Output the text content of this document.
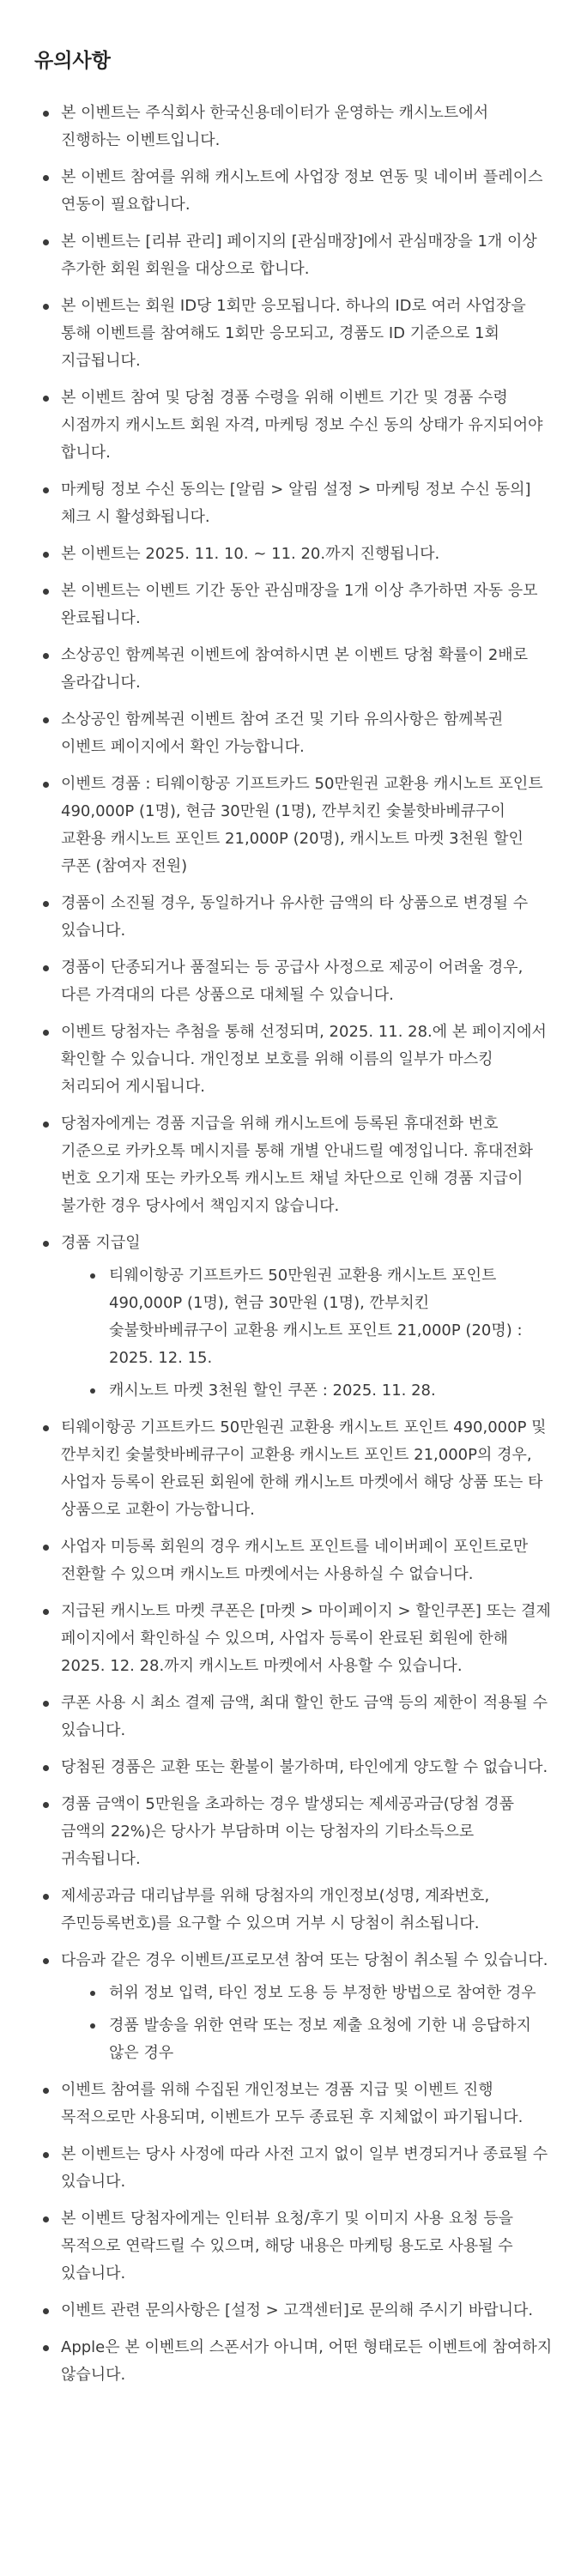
유의사항
본 이벤트는 주식회사 한국신용데이터가 운영하는 캐시노트에서 진행하는 이벤트입니다.
본 이벤트 참여를 위해 캐시노트에 사업장 정보 연동 및 네이버 플레이스 연동이 필요합니다.
본 이벤트는 [리뷰 관리] 페이지의 [관심매장]에서 관심매장을 1개 이상 추가한 회원 회원을 대상으로 합니다.
본 이벤트는 회원 ID당 1회만 응모됩니다. 하나의 ID로 여러 사업장을 통해 이벤트를 참여해도 1회만 응모되고, 경품도 ID 기준으로 1회 지급됩니다.
본 이벤트 참여 및 당첨 경품 수령을 위해 이벤트 기간 및 경품 수령 시점까지 캐시노트 회원 자격, 마케팅 정보 수신 동의 상태가 유지되어야 합니다.
마케팅 정보 수신 동의는 [알림 > 알림 설정 > 마케팅 정보 수신 동의] 체크 시 활성화됩니다.
본 이벤트는 2025. 11. 10. ~ 11. 20.까지 진행됩니다.
본 이벤트는 이벤트 기간 동안 관심매장을 1개 이상 추가하면 자동 응모 완료됩니다.
소상공인 함께복권 이벤트에 참여하시면 본 이벤트 당첨 확률이 2배로 올라갑니다.
소상공인 함께복권 이벤트 참여 조건 및 기타 유의사항은 함께복권 이벤트 페이지에서 확인 가능합니다.
이벤트 경품 : 티웨이항공 기프트카드 50만원권 교환용 캐시노트 포인트 490,000P (1명), 현금 30만원 (1명), 깐부치킨 숯불핫바베큐구이 교환용 캐시노트 포인트 21,000P (20명), 캐시노트 마켓 3천원 할인 쿠폰 (참여자 전원)
경품이 소진될 경우, 동일하거나 유사한 금액의 타 상품으로 변경될 수 있습니다.
경품이 단종되거나 품절되는 등 공급사 사정으로 제공이 어려울 경우, 다른 가격대의 다른 상품으로 대체될 수 있습니다.
이벤트 당첨자는 추첨을 통해 선정되며, 2025. 11. 28.에 본 페이지에서 확인할 수 있습니다. 개인정보 보호를 위해 이름의 일부가 마스킹 처리되어 게시됩니다.
당첨자에게는 경품 지급을 위해 캐시노트에 등록된 휴대전화 번호 기준으로 카카오톡 메시지를 통해 개별 안내드릴 예정입니다. 휴대전화 번호 오기재 또는 카카오톡 캐시노트 채널 차단으로 인해 경품 지급이 불가한 경우 당사에서 책임지지 않습니다.
경품 지급일
티웨이항공 기프트카드 50만원권 교환용 캐시노트 포인트 490,000P (1명), 현금 30만원 (1명), 깐부치킨 숯불핫바베큐구이 교환용 캐시노트 포인트 21,000P (20명) : 2025. 12. 15.
캐시노트 마켓 3천원 할인 쿠폰 : 2025. 11. 28.
티웨이항공 기프트카드 50만원권 교환용 캐시노트 포인트 490,000P 및 깐부치킨 숯불핫바베큐구이 교환용 캐시노트 포인트 21,000P의 경우, 사업자 등록이 완료된 회원에 한해 캐시노트 마켓에서 해당 상품 또는 타 상품으로 교환이 가능합니다.
사업자 미등록 회원의 경우 캐시노트 포인트를 네이버페이 포인트로만 전환할 수 있으며 캐시노트 마켓에서는 사용하실 수 없습니다.
지급된 캐시노트 마켓 쿠폰은 [마켓 > 마이페이지 > 할인쿠폰] 또는 결제 페이지에서 확인하실 수 있으며, 사업자 등록이 완료된 회원에 한해 2025. 12. 28.까지 캐시노트 마켓에서 사용할 수 있습니다.
쿠폰 사용 시 최소 결제 금액, 최대 할인 한도 금액 등의 제한이 적용될 수 있습니다.
당첨된 경품은 교환 또는 환불이 불가하며, 타인에게 양도할 수 없습니다.
경품 금액이 5만원을 초과하는 경우 발생되는 제세공과금(당첨 경품 금액의 22%)은 당사가 부담하며 이는 당첨자의 기타소득으로 귀속됩니다.
제세공과금 대리납부를 위해 당첨자의 개인정보(성명, 계좌번호, 주민등록번호)를 요구할 수 있으며 거부 시 당첨이 취소됩니다.
다음과 같은 경우 이벤트/프로모션 참여 또는 당첨이 취소될 수 있습니다.
허위 정보 입력, 타인 정보 도용 등 부정한 방법으로 참여한 경우
경품 발송을 위한 연락 또는 정보 제출 요청에 기한 내 응답하지 않은 경우
이벤트 참여를 위해 수집된 개인정보는 경품 지급 및 이벤트 진행 목적으로만 사용되며, 이벤트가 모두 종료된 후 지체없이 파기됩니다.
본 이벤트는 당사 사정에 따라 사전 고지 없이 일부 변경되거나 종료될 수 있습니다.
본 이벤트 당첨자에게는 인터뷰 요청/후기 및 이미지 사용 요청 등을 목적으로 연락드릴 수 있으며, 해당 내용은 마케팅 용도로 사용될 수 있습니다.
이벤트 관련 문의사항은 [설정 > 고객센터]로 문의해 주시기 바랍니다.
Apple은 본 이벤트의 스폰서가 아니며, 어떤 형태로든 이벤트에 참여하지 않습니다.
